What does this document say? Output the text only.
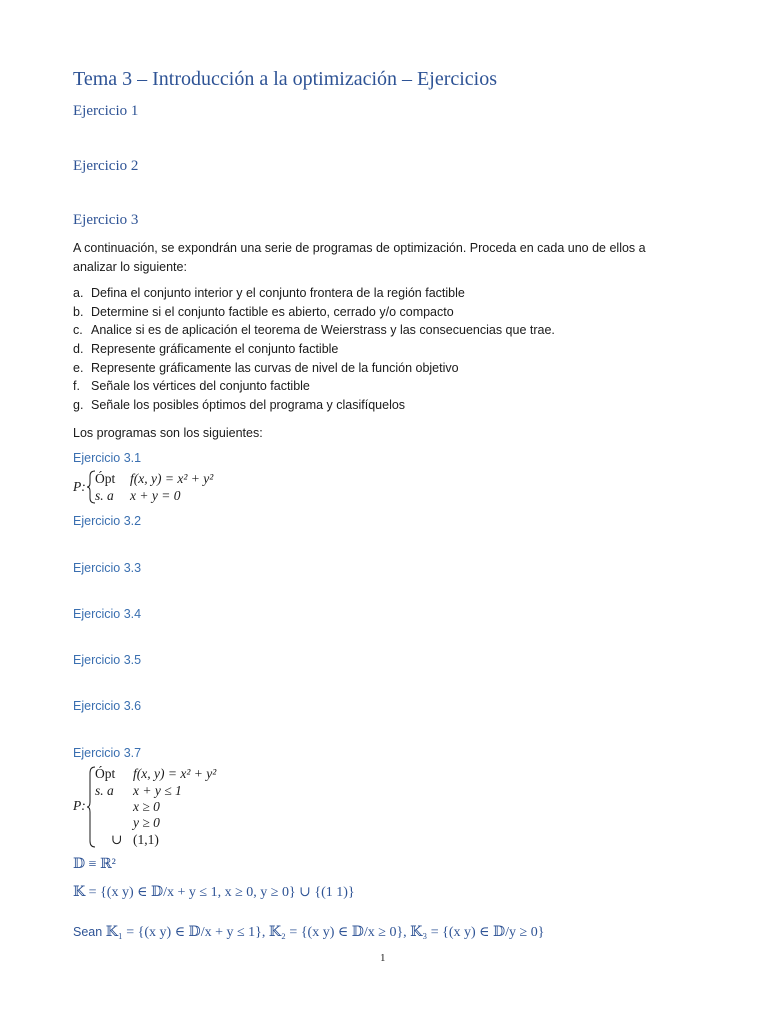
Tema 3 – Introducción a la optimización – Ejercicios
Ejercicio 1
Ejercicio 2
Ejercicio 3

A continuación, se expondrán una serie de programas de optimización. Proceda en cada uno de ellos a analizar lo siguiente:

a. Defina el conjunto interior y el conjunto frontera de la región factible
b. Determine si el conjunto factible es abierto, cerrado y/o compacto
c. Analice si es de aplicación el teorema de Weierstrass y las consecuencias que trae.
d. Represente gráficamente el conjunto factible
e. Represente gráficamente las curvas de nivel de la función objetivo
f. Señale los vértices del conjunto factible
g. Señale los posibles óptimos del programa y clasifíquelos

Los programas son los siguientes:

Ejercicio 3.1
P:
Ópt f(x, y) = x² + y²
s. a x + y = 0
Ejercicio 3.2
Ejercicio 3.3
Ejercicio 3.4
Ejercicio 3.5
Ejercicio 3.6
Ejercicio 3.7
P:
Ópt f(x, y) = x² + y²
s. a x + y ≤ 1
x ≥ 0
y ≥ 0
∪ (1,1)
𝔻 ≡ ℝ²
𝕂 = {(x y) ∈ 𝔻/x + y ≤ 1, x ≥ 0, y ≥ 0} ∪ {(1 1)}
Sean 𝕂₁ = {(x y) ∈ 𝔻/x + y ≤ 1}, 𝕂₂ = {(x y) ∈ 𝔻/x ≥ 0}, 𝕂₃ = {(x y) ∈ 𝔻/y ≥ 0}
1
